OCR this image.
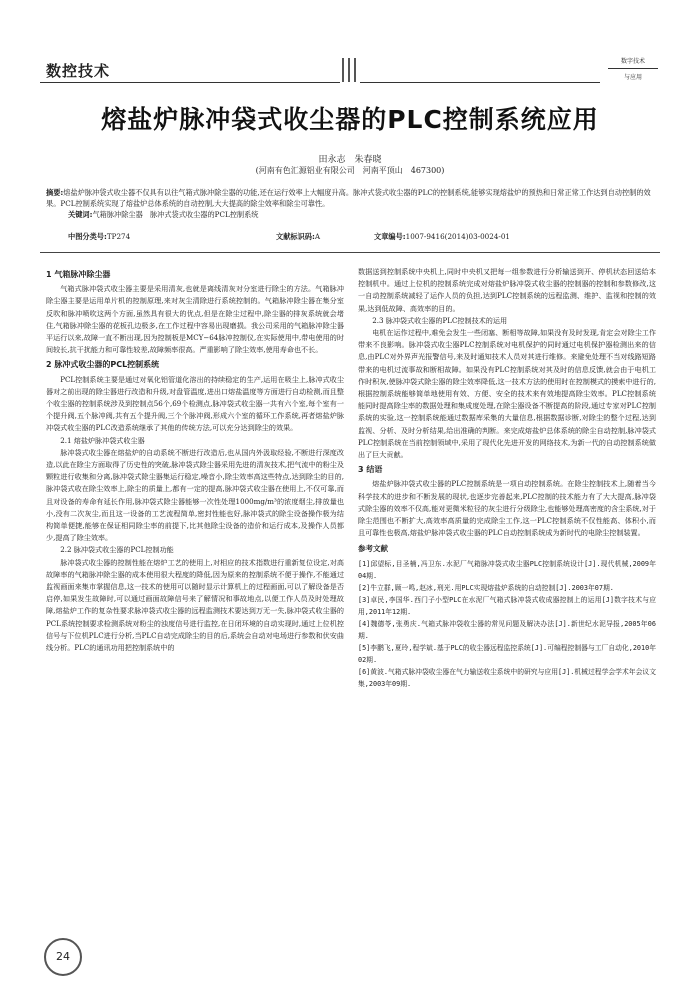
数控技术
数字技术
与应用
熔盐炉脉冲袋式收尘器的PLC控制系统应用
田永志　朱春晓
(河南有色汇源铝业有限公司　河南平顶山　467300)
摘要:熔盐炉脉冲袋式收尘器不仅具有以往气箱式脉冲除尘器的功能,还在运行效率上大幅度升高。脉冲式袋式收尘器的PLC的控制系统,能够实现熔盐炉的预热和日常正常工作达到自动控制的效果。PCL控制系统实现了熔盐炉总体系统的自动控制,大大提高的除尘效率和除尘可靠性。
关键词:气箱脉冲除尘器　脉冲式袋式收尘器的PCL控制系统
中图分类号: TP274	文献标识码: A	文章编号: 1007-9416(2014)03-0024-01
1 气箱脉冲除尘器

气箱式脉冲袋式收尘器主要是采用清灰,也就是离线清灰对分室进行除尘的方法。气箱脉冲除尘器主要是运用单片机的控制原理,来对灰尘清除进行系统控制的。气箱脉冲除尘器在集分室反吹和脉冲喷吹这两个方面,虽然具有很大的优点,但是在除尘过程中,除尘器的排灰系统就会堵住,气箱脉冲除尘器的花板孔边极多,在工作过程中容易出现磨损。我公司采用的气箱脉冲除尘器平运行以来,故障一直不断出现,因为控制板是MCY−64脉冲控制仪,在实际使用中,带电使用的时间较长,抗干扰能力和可靠性较差,故障频率很高。严重影响了除尘效率,使用寿命也不长。

2 脉冲式收尘器的PCL控制系统

PCL控制系统主要是通过对氧化铝管道化溶出的持续稳定的生产,运用在吸尘上,脉冲式收尘器对之前出现的除尘器进行改造和升级,对盘管温度,进出口熔盐温度等方面进行自动检测,而且整个收尘器的控制系统涉及到控制点56个,69个检测点,脉冲袋式收尘器一共有六个室,每个室有一个提升阀,五个脉冲阀,共有五个提升阀,三个个脉冲阀,形成六个室的循环工作系统,再者熔盐炉脉冲袋式收尘器的PLC改造系统继承了其他的传统方法,可以充分达到除尘的效果。

2.1 熔盐炉脉冲袋式收尘器

脉冲袋式收尘器在熔盐炉的自动系统不断进行改造后,也从国内外汲取经验,不断进行深度改造,以此在除尘方面取得了历史性的突破,脉冲袋式除尘器采用先进的清灰技术,把气流中的粉尘及颗粒进行收集和分离,脉冲袋式除尘器集运行稳定,噪音小,除尘效率高这些特点,达到除尘的目的,脉冲袋式收在除尘效率上,除尘的质量上,都有一定的提高,脉冲袋式收尘器在使用上,不仅可靠,而且对设备的寿命有延长作用,脉冲袋式除尘器能够一次性处理1000mg/m³的浓度烟尘,排放量也小,没有二次灰尘,而且这一设备的工艺流程简单,密封性能也好,脉冲袋式的除尘设备操作极为结构简单便捷,能够在保证相同除尘率的前提下,比其他除尘设备的造价和运行成本,及操作人员都少,提高了除尘效率。

2.2 脉冲袋式收尘器的PCL控制功能

脉冲袋式收尘器的控制性能在熔炉工艺的使用上,对相应的技术指数进行重新复位设定,对高故障率的气箱脉冲除尘器的成本使用很大程度的降低,因为原来的控制系统不便于操作,不能通过监视画面来集市掌握信息,这一技术的使用可以随时显示计算机上的过程画面,可以了解设备是否启停,如果发生故障时,可以通过画面故障信号来了解情况和事故地点,以便工作人员及时处理故障,熔盐炉工作的复杂性要求脉冲袋式收尘器的远程监测技术要达到万无一失,脉冲袋式收尘器的PCL系统控制要求检测系统对粉尘的浊度信号进行监控,在日闭环境的自动实现时,通过上位机控信号与下位机PLC进行分析,当PLC自动完成除尘的目的后,系统会自动对电场进行参数和伏安曲线分析。PLC的通讯功用把控制系统中的

数据送到控制系统中央机上,同时中央机又把每一组参数进行分析输送到开、停机状态回送给本控制机中。通过上位机的控制系统完成对熔盐炉脉冲袋式收尘器的控制器的控制和参数修改,这一自动控制系统减轻了运作人员的负担,达到PLC控制系统的远程监测、维护、监视和控制的效果,达到低故障、高效率的目的。

2.3 脉冲袋式收尘器的PLC控制技术的运用

电机在运作过程中,难免会发生一些闭塞、断相等故障,如果没有及时发现,肯定会对除尘工作带来不良影响。脉冲袋式收尘器PLC控制系统对电机保护的同时通过电机保护器检测出来的信息,由PLC对外界声光报警信号,来及时通知技术人员对其进行维修。来避免处理不当对线路短路带来的电机过流事故和断相故障。如果没有PLC控制系统对其及时的信息反馈,就会由于电机工作时积灰,使脉冲袋式除尘器的除尘效率降低,这一技术方法的使用时在控制模式的摸索中进行的,根据控制系统能够简单地使用有效、方便、安全的技术来有效地提高除尘效率。PLC控制系统能同时提高除尘率的数据处理和集成度处理,在除尘器设备不断提高的阶段,通过专家对PLC控制系统的实验,这一控制系统能通过数据库采集的大量信息,根据数据诊断,对除尘的整个过程,达到监视、分析、及时分析结果,给出准确的判断。来完成熔盐炉总体系统的除尘自动控制,脉冲袋式PLC控制系统在当前控制领域中,采用了现代化先进开发的网络技术,为新一代的自动控制系统做出了巨大贡献。

3 结语

熔盐炉脉冲袋式收尘器的PLC控制系统是一项自动控制系统。在除尘控制技术上,随着当今科学技术的进步和不断发展的现状,也逐步完善起来,PLC控制的技术能力有了大大提高,脉冲袋式除尘器的效率不仅高,能对更微米粒径的灰尘进行分级除尘,也能够处理高密度的含尘系统,对于除尘范围也不断扩大,高效率高质量的完成除尘工作,这一PLC控制系统不仅性能高、体积小,而且可靠性也极高,熔盐炉脉冲袋式收尘器的PLC自动控制系统成为新时代的电除尘控制装置。

参考文献

[1]邱望标,目圣楠,冯卫东.水泥厂气箱脉冲袋式收尘器PLC控制系统设计[J].现代机械,2009年04期.

[2]牛立群,顾一鸣,赵冰,刑光.用PLC实现熔盐炉系统的自动控制[J].2003年07期.

[3]卓民,李国华.西门子小型PLC在水泥厂气箱式脉冲袋式收成器控制上的运用[J]数字技术与应用,2011年12期.

[4]魏德苓,张勇庆.气箱式脉冲袋收尘器的常见问题及解决办法[J].新世纪水泥导报,2005年06期.

[5]李鹏飞,夏玲,程学斌.基于PLC的收尘器远程监控系统[J].可编程控制器与工厂自动化,2010年02期.

[6]黄波.气箱式脉冲袋收尘器在气力输送收尘系统中的研究与应用[J].机械过程学会学术年会议文集,2003年09期.

24
